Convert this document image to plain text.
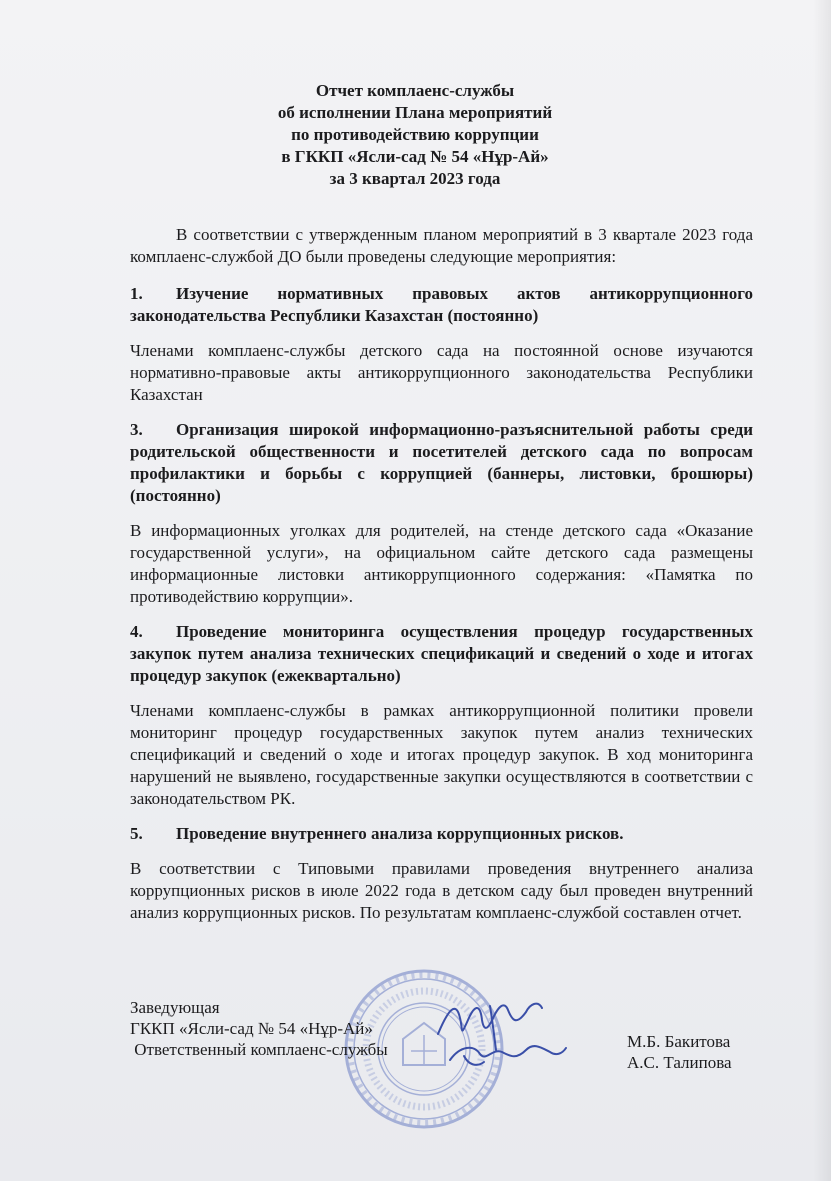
Отчет комплаенс-службы
об исполнении Плана мероприятий
по противодействию коррупции
в ГККП «Ясли-сад № 54 «Нұр-Ай»
за 3 квартал 2023 года

В соответствии с утвержденным планом мероприятий в 3 квартале 2023 года комплаенс-службой ДО были проведены следующие мероприятия:

1. Изучение нормативных правовых актов антикоррупционного законодательства Республики Казахстан (постоянно)

Членами комплаенс-службы детского сада на постоянной основе изучаются нормативно-правовые акты антикоррупционного законодательства Республики Казахстан

3. Организация широкой информационно-разъяснительной работы среди родительской общественности и посетителей детского сада по вопросам профилактики и борьбы с коррупцией (баннеры, листовки, брошюры) (постоянно)

В информационных уголках для родителей, на стенде детского сада «Оказание государственной услуги», на официальном сайте детского сада размещены информационные листовки антикоррупционного содержания: «Памятка по противодействию коррупции».

4. Проведение мониторинга осуществления процедур государственных закупок путем анализа технических спецификаций и сведений о ходе и итогах процедур закупок (ежеквартально)

Членами комплаенс-службы в рамках антикоррупционной политики провели мониторинг процедур государственных закупок путем анализ технических спецификаций и сведений о ходе и итогах процедур закупок. В ход мониторинга нарушений не выявлено, государственные закупки осуществляются в соответствии с законодательством РК.

5. Проведение внутреннего анализа коррупционных рисков.

В соответствии с Типовыми правилами проведения внутреннего анализа коррупционных рисков в июле 2022 года в детском саду был проведен внутренний анализ коррупционных рисков. По результатам комплаенс-службой составлен отчет.

Заведующая
ГККП «Ясли-сад № 54 «Нұр-Ай»
Ответственный комплаенс-службы	М.Б. Бакитова
А.С. Талипова
